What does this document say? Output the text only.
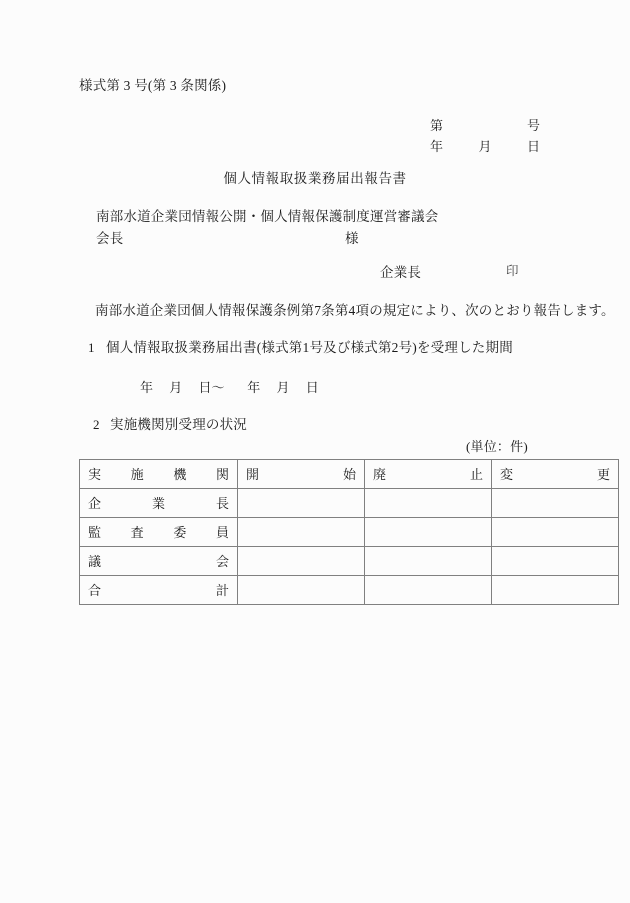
様式第 3 号(第 3 条関係)
第	号
年	月	日
個人情報取扱業務届出報告書
南部水道企業団情報公開・個人情報保護制度運営審議会
会長	様
企業長	印
南部水道企業団個人情報保護条例第7条第4項の規定により、次のとおり報告します。
1 個人情報取扱業務届出書(様式第1号及び様式第2号)を受理した期間
年     月     日〜       年     月     日
2 実施機関別受理の状況
(単位：件)
実施機関	開始	廃止	変更

企業長			

監査委員			

議会			

合計			
